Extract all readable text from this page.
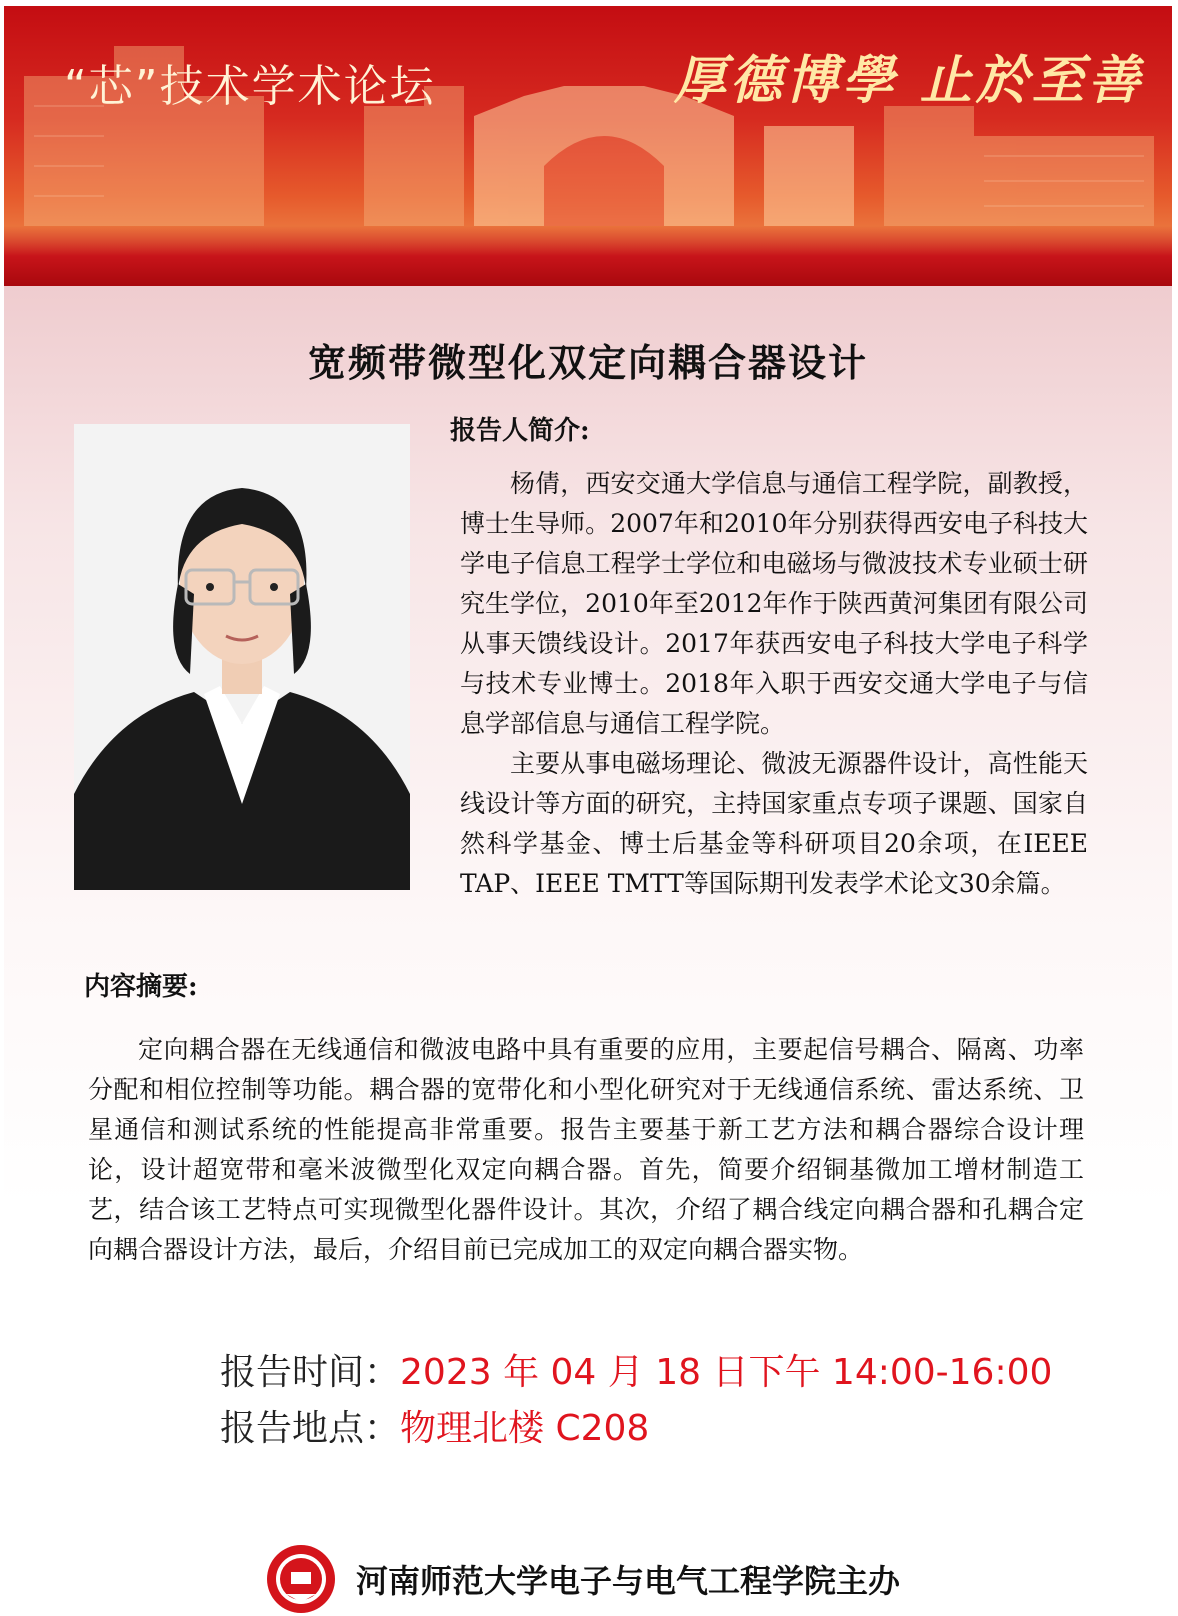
“芯”技术学术论坛	厚德博學 止於至善
宽频带微型化双定向耦合器设计
报告人简介:

杨倩，西安交通大学信息与通信工程学院，副教授，博士生导师。2007年和2010年分别获得西安电子科技大学电子信息工程学士学位和电磁场与微波技术专业硕士研究生学位，2010年至2012年作于陕西黄河集团有限公司从事天馈线设计。2017年获西安电子科技大学电子科学与技术专业博士。2018年入职于西安交通大学电子与信息学部信息与通信工程学院。

主要从事电磁场理论、微波无源器件设计，高性能天线设计等方面的研究，主持国家重点专项子课题、国家自然科学基金、博士后基金等科研项目20余项，在IEEE TAP、IEEE TMTT等国际期刊发表学术论文30余篇。

内容摘要:

定向耦合器在无线通信和微波电路中具有重要的应用，主要起信号耦合、隔离、功率分配和相位控制等功能。耦合器的宽带化和小型化研究对于无线通信系统、雷达系统、卫星通信和测试系统的性能提高非常重要。报告主要基于新工艺方法和耦合器综合设计理论，设计超宽带和毫米波微型化双定向耦合器。首先，简要介绍铜基微加工增材制造工艺，结合该工艺特点可实现微型化器件设计。其次，介绍了耦合线定向耦合器和孔耦合定向耦合器设计方法，最后，介绍目前已完成加工的双定向耦合器实物。

报告时间：2023 年 04 月 18 日下午 14:00-16:00
报告地点：物理北楼 C208
河南师范大学电子与电气工程学院主办
